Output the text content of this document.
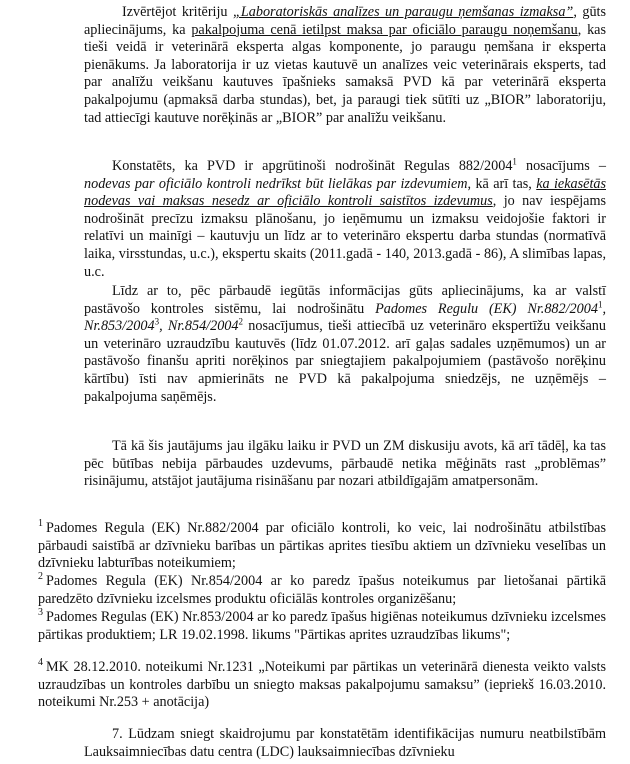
Izvērtējot kritēriju „Laboratoriskās analīzes un paraugu ņemšanas izmaksa”, gūts apliecinājums, ka pakalpojuma cenā ietilpst maksa par oficiālo paraugu noņemšanu, kas tieši veidā ir veterinārā eksperta algas komponente, jo paraugu ņemšana ir eksperta pienākums. Ja laboratorija ir uz vietas kautuvē un analīzes veic veterinārais eksperts, tad par analīžu veikšanu kautuves īpašnieks samaksā PVD kā par veterinārā eksperta pakalpojumu (apmaksā darba stundas), bet, ja paraugi tiek sūtīti uz „BIOR” laboratoriju, tad attiecīgi kautuve norēķinās ar „BIOR” par analīžu veikšanu.

Konstatēts, ka PVD ir apgrūtinoši nodrošināt Regulas 882/2004$^1$ nosacījums – nodevas par oficiālo kontroli nedrīkst būt lielākas par izdevumiem, kā arī tas, ka iekasētās nodevas vai maksas nesedz ar oficiālo kontroli saistītos izdevumus, jo nav iespējams nodrošināt precīzu izmaksu plānošanu, jo ieņēmumu un izmaksu veidojošie faktori ir relatīvi un mainīgi – kautuvju un līdz ar to veterināro ekspertu darba stundas (normatīvā laika, virsstundas, u.c.), ekspertu skaits (2011.gadā - 140, 2013.gadā - 86), A slimības lapas, u.c.

Līdz ar to, pēc pārbaudē iegūtās informācijas gūts apliecinājums, ka ar valstī pastāvošo kontroles sistēmu, lai nodrošinātu Padomes Regulu (EK) Nr.882/2004$^1$, Nr.853/2004$^3$, Nr.854/2004$^2$ nosacījumus, tieši attiecībā uz veterināro ekspertīžu veikšanu un veterināro uzraudzību kautuvēs (līdz 01.07.2012. arī gaļas sadales uzņēmumos) un ar pastāvošo finanšu apriti norēķinos par sniegtajiem pakalpojumiem (pastāvošo norēķinu kārtību) īsti nav apmierināts ne PVD kā pakalpojuma sniedzējs, ne uzņēmējs – pakalpojuma saņēmējs.

Tā kā šis jautājums jau ilgāku laiku ir PVD un ZM diskusiju avots, kā arī tādēļ, ka tas pēc būtības nebija pārbaudes uzdevums, pārbaudē netika mēģināts rast „problēmas” risinājumu, atstājot jautājuma risināšanu par nozari atbildīgajām amatpersonām.

$^1$ Padomes Regula (EK) Nr.882/2004 par oficiālo kontroli, ko veic, lai nodrošinātu atbilstības pārbaudi saistībā ar dzīvnieku barības un pārtikas aprites tiesību aktiem un dzīvnieku veselības un dzīvnieku labturības noteikumiem;

$^2$ Padomes Regula (EK) Nr.854/2004 ar ko paredz īpašus noteikumus par lietošanai pārtikā paredzēto dzīvnieku izcelsmes produktu oficiālās kontroles organizēšanu;

$^3$ Padomes Regulas (EK) Nr.853/2004 ar ko paredz īpašus higiēnas noteikumus dzīvnieku izcelsmes pārtikas produktiem; LR 19.02.1998. likums "Pārtikas aprites uzraudzības likums";

$^4$ MK 28.12.2010. noteikumi Nr.1231 „Noteikumi par pārtikas un veterinārā dienesta veikto valsts uzraudzības un kontroles darbību un sniegto maksas pakalpojumu samaksu” (iepriekš 16.03.2010. noteikumi Nr.253 + anotācija)

7. Lūdzam sniegt skaidrojumu par konstatētām identifikācijas numuru neatbilstībām Lauksaimniecības datu centra (LDC) lauksaimniecības dzīvnieku
